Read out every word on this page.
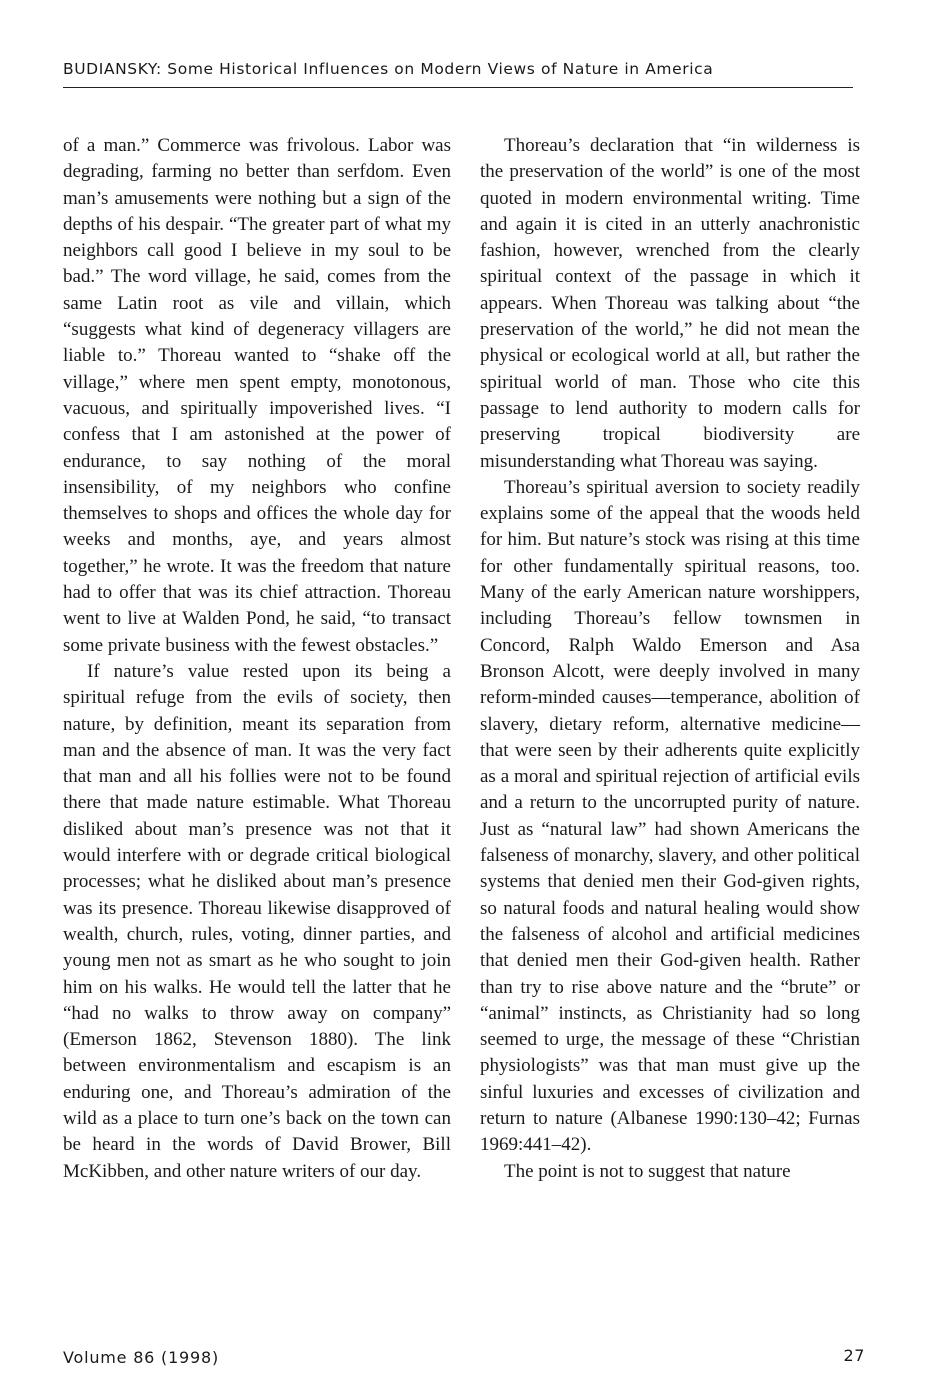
BUDIANSKY: Some Historical Influences on Modern Views of Nature in America

of a man.” Commerce was frivolous. Labor was degrading, farming no better than serfdom. Even man’s amusements were nothing but a sign of the depths of his despair. “The greater part of what my neighbors call good I believe in my soul to be bad.” The word village, he said, comes from the same Latin root as vile and villain, which “suggests what kind of degeneracy villagers are liable to.” Thoreau wanted to “shake off the village,” where men spent empty, monotonous, vacuous, and spiritually impoverished lives. “I confess that I am astonished at the power of endurance, to say nothing of the moral insensibility, of my neighbors who confine themselves to shops and offices the whole day for weeks and months, aye, and years almost together,” he wrote. It was the freedom that nature had to offer that was its chief attraction. Thoreau went to live at Walden Pond, he said, “to transact some private business with the fewest obstacles.”

If nature’s value rested upon its being a spiritual refuge from the evils of society, then nature, by definition, meant its separation from man and the absence of man. It was the very fact that man and all his follies were not to be found there that made nature estimable. What Thoreau disliked about man’s presence was not that it would interfere with or degrade critical biological processes; what he disliked about man’s presence was its presence. Thoreau likewise disapproved of wealth, church, rules, voting, dinner parties, and young men not as smart as he who sought to join him on his walks. He would tell the latter that he “had no walks to throw away on company” (Emerson 1862, Stevenson 1880). The link between environmentalism and escapism is an enduring one, and Thoreau’s admiration of the wild as a place to turn one’s back on the town can be heard in the words of David Brower, Bill McKibben, and other nature writers of our day.

Thoreau’s declaration that “in wilderness is the preservation of the world” is one of the most quoted in modern environmental writing. Time and again it is cited in an utterly anachronistic fashion, however, wrenched from the clearly spiritual context of the passage in which it appears. When Thoreau was talking about “the preservation of the world,” he did not mean the physical or ecological world at all, but rather the spiritual world of man. Those who cite this passage to lend authority to modern calls for preserving tropical biodiversity are misunderstanding what Thoreau was saying.

Thoreau’s spiritual aversion to society readily explains some of the appeal that the woods held for him. But nature’s stock was rising at this time for other fundamentally spiritual reasons, too. Many of the early American nature worshippers, including Thoreau’s fellow townsmen in Concord, Ralph Waldo Emerson and Asa Bronson Alcott, were deeply involved in many reform-minded causes—temperance, abolition of slavery, dietary reform, alternative medicine—that were seen by their adherents quite explicitly as a moral and spiritual rejection of artificial evils and a return to the uncorrupted purity of nature. Just as “natural law” had shown Americans the falseness of monarchy, slavery, and other political systems that denied men their God-given rights, so natural foods and natural healing would show the falseness of alcohol and artificial medicines that denied men their God-given health. Rather than try to rise above nature and the “brute” or “animal” instincts, as Christianity had so long seemed to urge, the message of these “Christian physiologists” was that man must give up the sinful luxuries and excesses of civilization and return to nature (Albanese 1990:130–42; Furnas 1969:441–42).

The point is not to suggest that nature

Volume 86 (1998)	27
